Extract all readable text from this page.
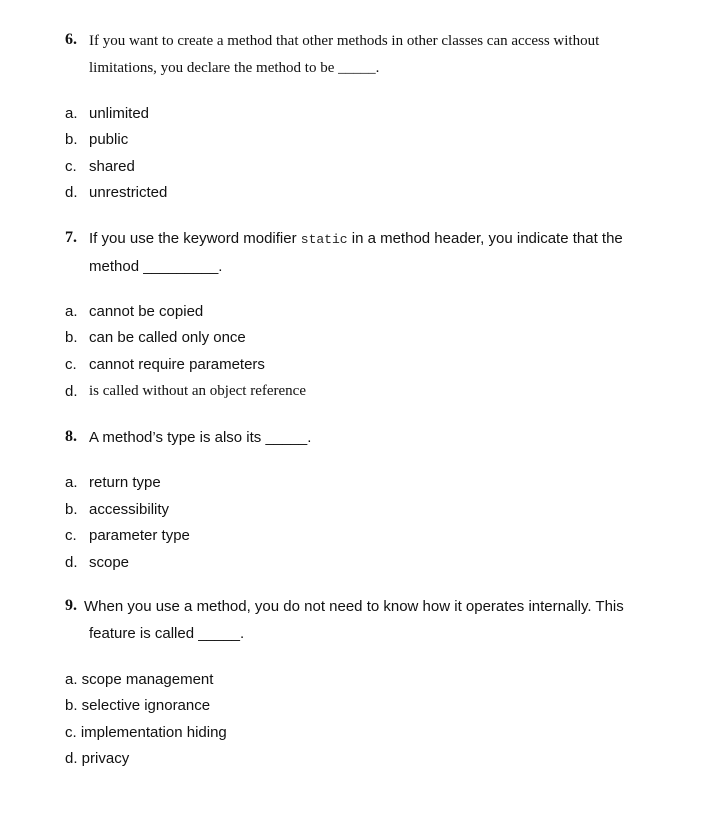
6. If you want to create a method that other methods in other classes can access without
limitations, you declare the method to be _____.
a. unlimited
b. public
c. shared
d. unrestricted
7. If you use the keyword modifier static in a method header, you indicate that the
method _________.
a. cannot be copied
b. can be called only once
c. cannot require parameters
d. is called without an object reference
8. A method’s type is also its _____.
a. return type
b. accessibility
c. parameter type
d. scope
9. When you use a method, you do not need to know how it operates internally. This
feature is called _____.
a. scope management
b. selective ignorance
c. implementation hiding
d. privacy
